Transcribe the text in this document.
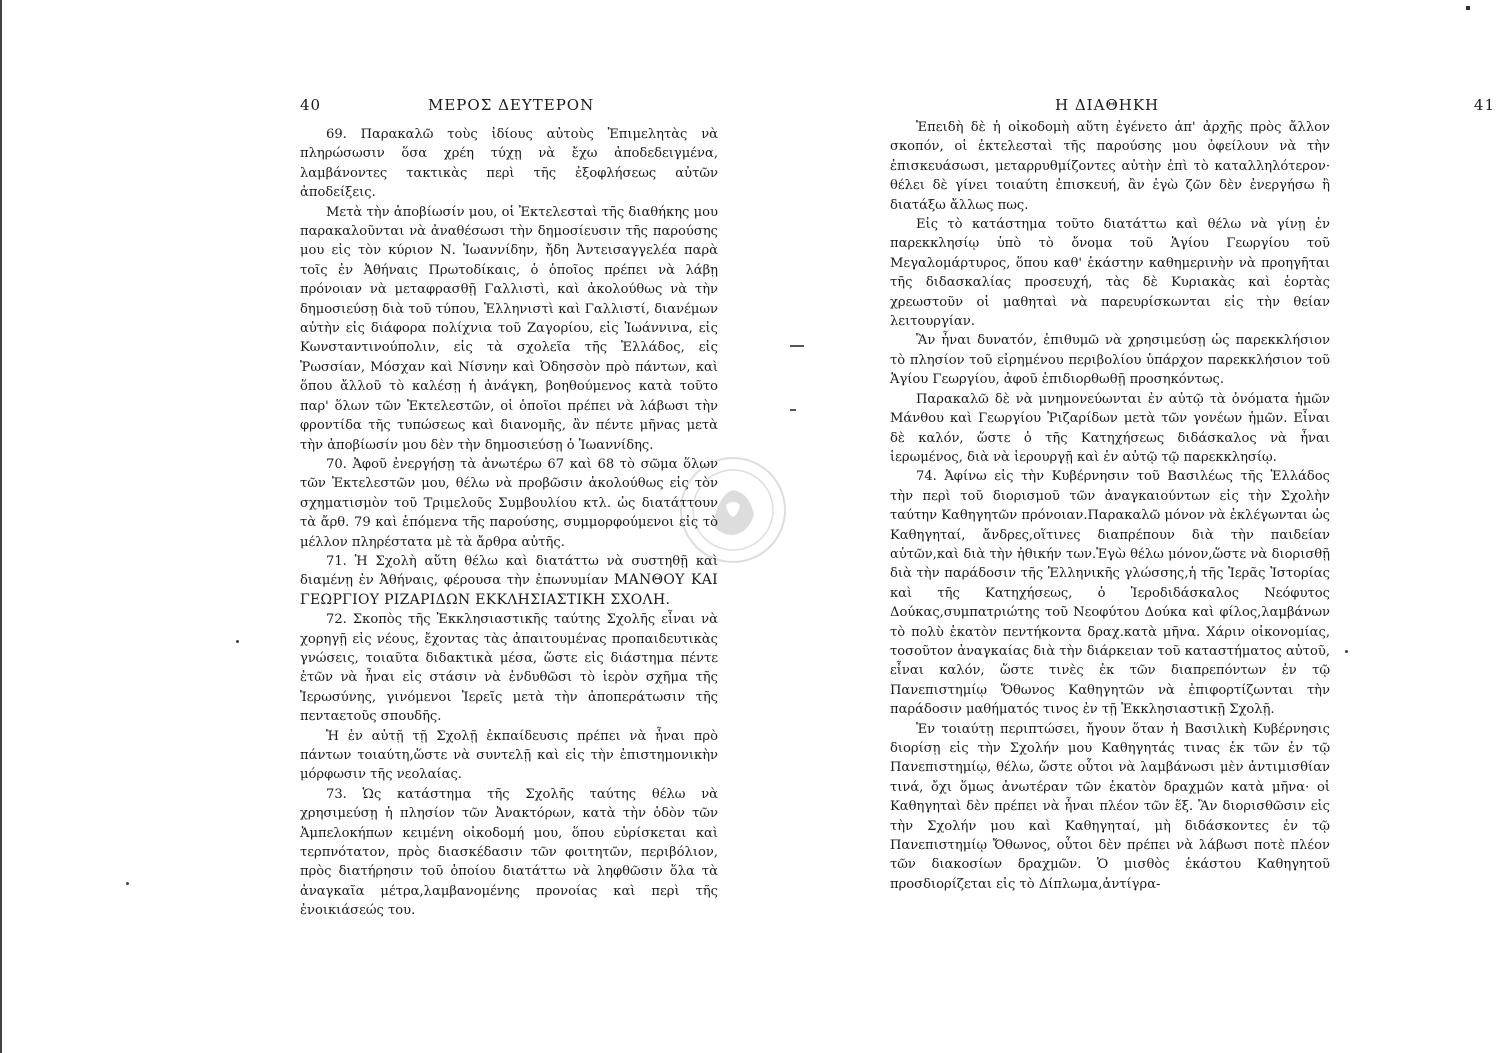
40	ΜΕΡΟΣ ΔΕΥΤΕΡΟΝ

69. Παρακαλῶ τοὺς ἰδίους αὐτοὺς Ἐπιμελητὰς νὰ πληρώσωσιν ὅσα χρέη τύχῃ νὰ ἔχω ἀποδεδειγμένα, λαμβάνοντες τακτικὰς περὶ τῆς ἐξοφλήσεως αὐτῶν ἀποδείξεις.

Μετὰ τὴν ἀποβίωσίν μου, οἱ Ἐκτελεσταὶ τῆς διαθήκης μου παρακαλοῦνται νὰ ἀναθέσωσι τὴν δημοσίευσιν τῆς παρούσης μου εἰς τὸν κύριον Ν. Ἰωαννίδην, ἤδη Ἀντεισαγγελέα παρὰ τοῖς ἐν Ἀθήναις Πρωτοδίκαις, ὁ ὁποῖος πρέπει νὰ λάβῃ πρόνοιαν νὰ μεταφρασθῇ Γαλλιστὶ, καὶ ἀκολούθως νὰ τὴν δημοσιεύσῃ διὰ τοῦ τύπου, Ἑλληνιστὶ καὶ Γαλλιστί, διανέμων αὐτὴν εἰς διάφορα πολίχνια τοῦ Ζαγορίου, εἰς Ἰωάννινα, εἰς Κωνσταντινούπολιν, εἰς τὰ σχολεῖα τῆς Ἑλλάδος, εἰς Ῥωσσίαν, Μόσχαν καὶ Νίσνην καὶ Ὀδησσὸν πρὸ πάντων, καὶ ὅπου ἄλλοῦ τὸ καλέσῃ ἡ ἀνάγκη, βοηθούμενος κατὰ τοῦτο παρ' ὅλων τῶν Ἐκτελεστῶν, οἱ ὁποῖοι πρέπει νὰ λάβωσι τὴν φροντίδα τῆς τυπώσεως καὶ διανομῆς, ἂν πέντε μῆνας μετὰ τὴν ἀποβίωσίν μου δὲν τὴν δημοσιεύσῃ ὁ Ἰωαννίδης.

70. Ἀφοῦ ἐνεργήσῃ τὰ ἀνωτέρω 67 καὶ 68 τὸ σῶμα ὅλων τῶν Ἐκτελεστῶν μου, θέλω νὰ προβῶσιν ἀκολούθως εἰς τὸν σχηματισμὸν τοῦ Τριμελοῦς Συμβουλίου κτλ. ὡς διατάττουν τὰ ἄρθ. 79 καὶ ἑπόμενα τῆς παρούσης, συμμορφούμενοι εἰς τὸ μέλλον πληρέστατα μὲ τὰ ἄρθρα αὐτῆς.

71. Ἡ Σχολὴ αὕτη θέλω καὶ διατάττω νὰ συστηθῇ καὶ διαμένῃ ἐν Ἀθήναις, φέρουσα τὴν ἐπωνυμίαν ΜΑΝΘΟΥ ΚΑΙ ΓΕΩΡΓΙΟΥ ΡΙΖΑΡΙΔΩΝ ΕΚΚΛΗΣΙΑΣΤΙΚΗ ΣΧΟΛΗ.

72. Σκοπὸς τῆς Ἐκκλησιαστικῆς ταύτης Σχολῆς εἶναι νὰ χορηγῇ εἰς νέους, ἔχοντας τὰς ἀπαιτουμένας προπαιδευτικὰς γνώσεις, τοιαῦτα διδακτικὰ μέσα, ὥστε εἰς διάστημα πέντε ἐτῶν νὰ ἦναι εἰς στάσιν νὰ ἐνδυθῶσι τὸ ἱερὸν σχῆμα τῆς Ἱερωσύνης, γινόμενοι Ἱερεῖς μετὰ τὴν ἀποπεράτωσιν τῆς πενταετοῦς σπουδῆς.

Ἡ ἐν αὐτῇ τῇ Σχολῇ ἐκπαίδευσις πρέπει νὰ ἦναι πρὸ πάντων τοιαύτη,ὥστε νὰ συντελῇ καὶ εἰς τὴν ἐπιστημονικὴν μόρφωσιν τῆς νεολαίας.

73. Ὡς κατάστημα τῆς Σχολῆς ταύτης θέλω νὰ χρησιμεύσῃ ἡ πλησίον τῶν Ἀνακτόρων, κατὰ τὴν ὁδὸν τῶν Ἀμπελοκήπων κειμένη οἰκοδομή μου, ὅπου εὑρίσκεται καὶ τερπνότατον, πρὸς διασκέδασιν τῶν φοιτητῶν, περιβόλιον, πρὸς διατήρησιν τοῦ ὁποίου διατάττω νὰ ληφθῶσιν ὅλα τὰ ἀναγκαῖα μέτρα,λαμβανομένης προνοίας καὶ περὶ τῆς ἐνοικιάσεώς του.

Η ΔΙΑΘΗΚΗ	41

Ἐπειδὴ δὲ ἡ οἰκοδομὴ αὕτη ἐγένετο ἀπ' ἀρχῆς πρὸς ἄλλον σκοπόν, οἱ ἐκτελεσταὶ τῆς παρούσης μου ὀφείλουν νὰ τὴν ἐπισκευάσωσι, μεταρρυθμίζοντες αὐτὴν ἐπὶ τὸ καταλληλότερον· θέλει δὲ γίνει τοιαύτη ἐπισκευή, ἂν ἐγὼ ζῶν δὲν ἐνεργήσω ἢ διατάξω ἄλλως πως.

Εἰς τὸ κατάστημα τοῦτο διατάττω καὶ θέλω νὰ γίνῃ ἐν παρεκκλησίῳ ὑπὸ τὸ ὄνομα τοῦ Ἁγίου Γεωργίου τοῦ Μεγαλομάρτυρος, ὅπου καθ' ἑκάστην καθημερινὴν νὰ προηγῆται τῆς διδασκαλίας προσευχή, τὰς δὲ Κυριακὰς καὶ ἑορτὰς χρεωστοῦν οἱ μαθηταὶ νὰ παρευρίσκωνται εἰς τὴν θείαν λειτουργίαν.

Ἂν ἦναι δυνατόν, ἐπιθυμῶ νὰ χρησιμεύσῃ ὡς παρεκκλήσιον τὸ πλησίον τοῦ εἰρημένου περιβολίου ὑπάρχον παρεκκλήσιον τοῦ Ἁγίου Γεωργίου, ἀφοῦ ἐπιδιορθωθῇ προσηκόντως.

Παρακαλῶ δὲ νὰ μνημονεύωνται ἐν αὐτῷ τὰ ὀνόματα ἡμῶν Μάνθου καὶ Γεωργίου Ῥιζαρίδων μετὰ τῶν γονέων ἡμῶν. Εἶναι δὲ καλόν, ὥστε ὁ τῆς Κατηχήσεως διδάσκαλος νὰ ἦναι ἱερωμένος, διὰ νὰ ἱερουργῇ καὶ ἐν αὐτῷ τῷ παρεκκλησίῳ.

74. Ἀφίνω εἰς τὴν Κυβέρνησιν τοῦ Βασιλέως τῆς Ἑλλάδος τὴν περὶ τοῦ διορισμοῦ τῶν ἀναγκαιούντων εἰς τὴν Σχολὴν ταύτην Καθηγητῶν πρόνοιαν.Παρακαλῶ μόνον νὰ ἐκλέγωνται ὡς Καθηγηταί, ἄνδρες,οἵτινες διαπρέπουν διὰ τὴν παιδείαν αὐτῶν,καὶ διὰ τὴν ἠθικήν των.Ἐγὼ θέλω μόνον,ὥστε νὰ διορισθῇ διὰ τὴν παράδοσιν τῆς Ἑλληνικῆς γλώσσης,ἡ τῆς Ἱερᾶς Ἱστορίας καὶ τῆς Κατηχήσεως, ὁ Ἱεροδιδάσκαλος Νεόφυτος Δούκας,συμπατριώτης τοῦ Νεοφύτου Δούκα καὶ φίλος,λαμβάνων τὸ πολὺ ἑκατὸν πεντήκοντα δραχ.κατὰ μῆνα. Χάριν οἰκονομίας, τοσοῦτον ἀναγκαίας διὰ τὴν διάρκειαν τοῦ καταστήματος αὐτοῦ, εἶναι καλόν, ὥστε τινὲς ἐκ τῶν διαπρεπόντων ἐν τῷ Πανεπιστημίῳ Ὄθωνος Καθηγητῶν νὰ ἐπιφορτίζωνται τὴν παράδοσιν μαθήματός τινος ἐν τῇ Ἐκκλησιαστικῇ Σχολῇ.

Ἐν τοιαύτῃ περιπτώσει, ἤγουν ὅταν ἡ Βασιλικὴ Κυβέρνησις διορίσῃ εἰς τὴν Σχολήν μου Καθηγητάς τινας ἐκ τῶν ἐν τῷ Πανεπιστημίῳ, θέλω, ὥστε οὗτοι νὰ λαμβάνωσι μὲν ἀντιμισθίαν τινά, ὄχι ὅμως ἀνωτέραν τῶν ἑκατὸν δραχμῶν κατὰ μῆνα· οἱ Καθηγηταὶ δὲν πρέπει νὰ ἦναι πλέον τῶν ἕξ. Ἂν διορισθῶσιν εἰς τὴν Σχολήν μου καὶ Καθηγηταί, μὴ διδάσκοντες ἐν τῷ Πανεπιστημίῳ Ὄθωνος, οὗτοι δὲν πρέπει νὰ λάβωσι ποτὲ πλέον τῶν διακοσίων δραχμῶν. Ὁ μισθὸς ἑκάστου Καθηγητοῦ προσδιορίζεται εἰς τὸ Δίπλωμα,ἀντίγρα-
